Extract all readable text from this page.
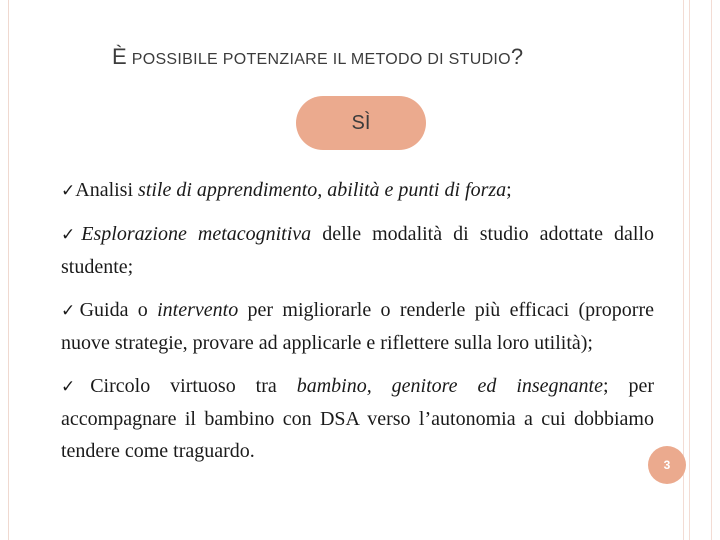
È POSSIBILE POTENZIARE IL METODO DI STUDIO?
SÌ

✓Analisi stile di apprendimento, abilità e punti di forza;

✓Esplorazione metacognitiva delle modalità di studio adottate dallo studente;

✓Guida o intervento per migliorarle o renderle più efficaci (proporre nuove strategie, provare ad applicarle e riflettere sulla loro utilità);

✓Circolo virtuoso tra bambino, genitore ed insegnante; per accompagnare il bambino con DSA verso l’autonomia a cui dobbiamo tendere come traguardo.

3
